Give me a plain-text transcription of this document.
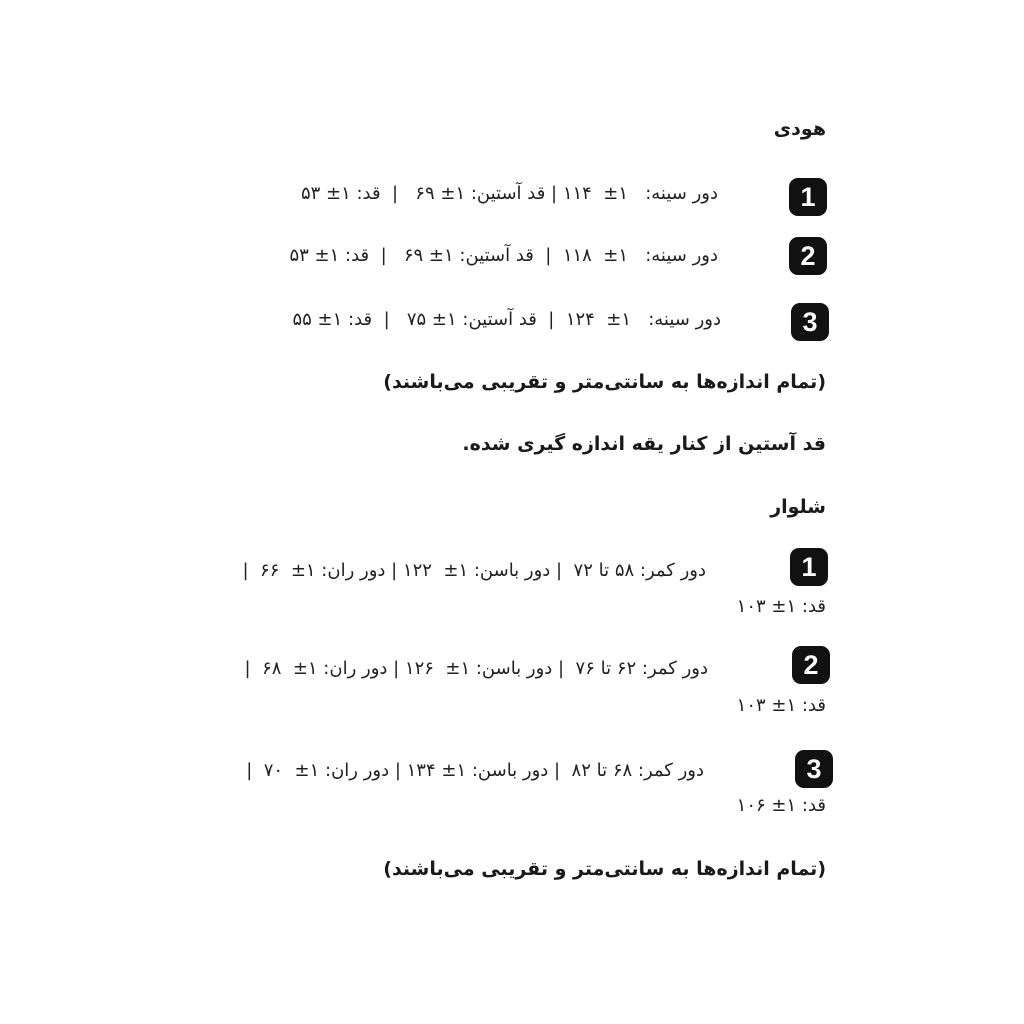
هودی
1
دور سینه:   ۱±  ۱۱۴ | قد آستین: ۱± ۶۹   |  قد: ۱± ۵۳
2
دور سینه:   ۱±  ۱۱۸  |  قد آستین: ۱± ۶۹   |  قد: ۱± ۵۳
3
دور سینه:   ۱±  ۱۲۴  |  قد آستین: ۱± ۷۵   |  قد: ۱± ۵۵
(تمام اندازه‌ها به سانتی‌متر و تقریبی می‌باشند)
قد آستین از کنار یقه اندازه گیری شده.
شلوار
1
دور کمر: ۵۸ تا ۷۲  | دور باسن: ۱±  ۱۲۲ | دور ران: ۱±  ۶۶  |
قد: ۱± ۱۰۳
2
دور کمر: ۶۲ تا ۷۶  | دور باسن: ۱±  ۱۲۶ | دور ران: ۱±  ۶۸  |
قد: ۱± ۱۰۳
3
دور کمر: ۶۸ تا ۸۲  | دور باسن: ۱± ۱۳۴ | دور ران: ۱±  ۷۰  |
قد: ۱± ۱۰۶
(تمام اندازه‌ها به سانتی‌متر و تقریبی می‌باشند)
